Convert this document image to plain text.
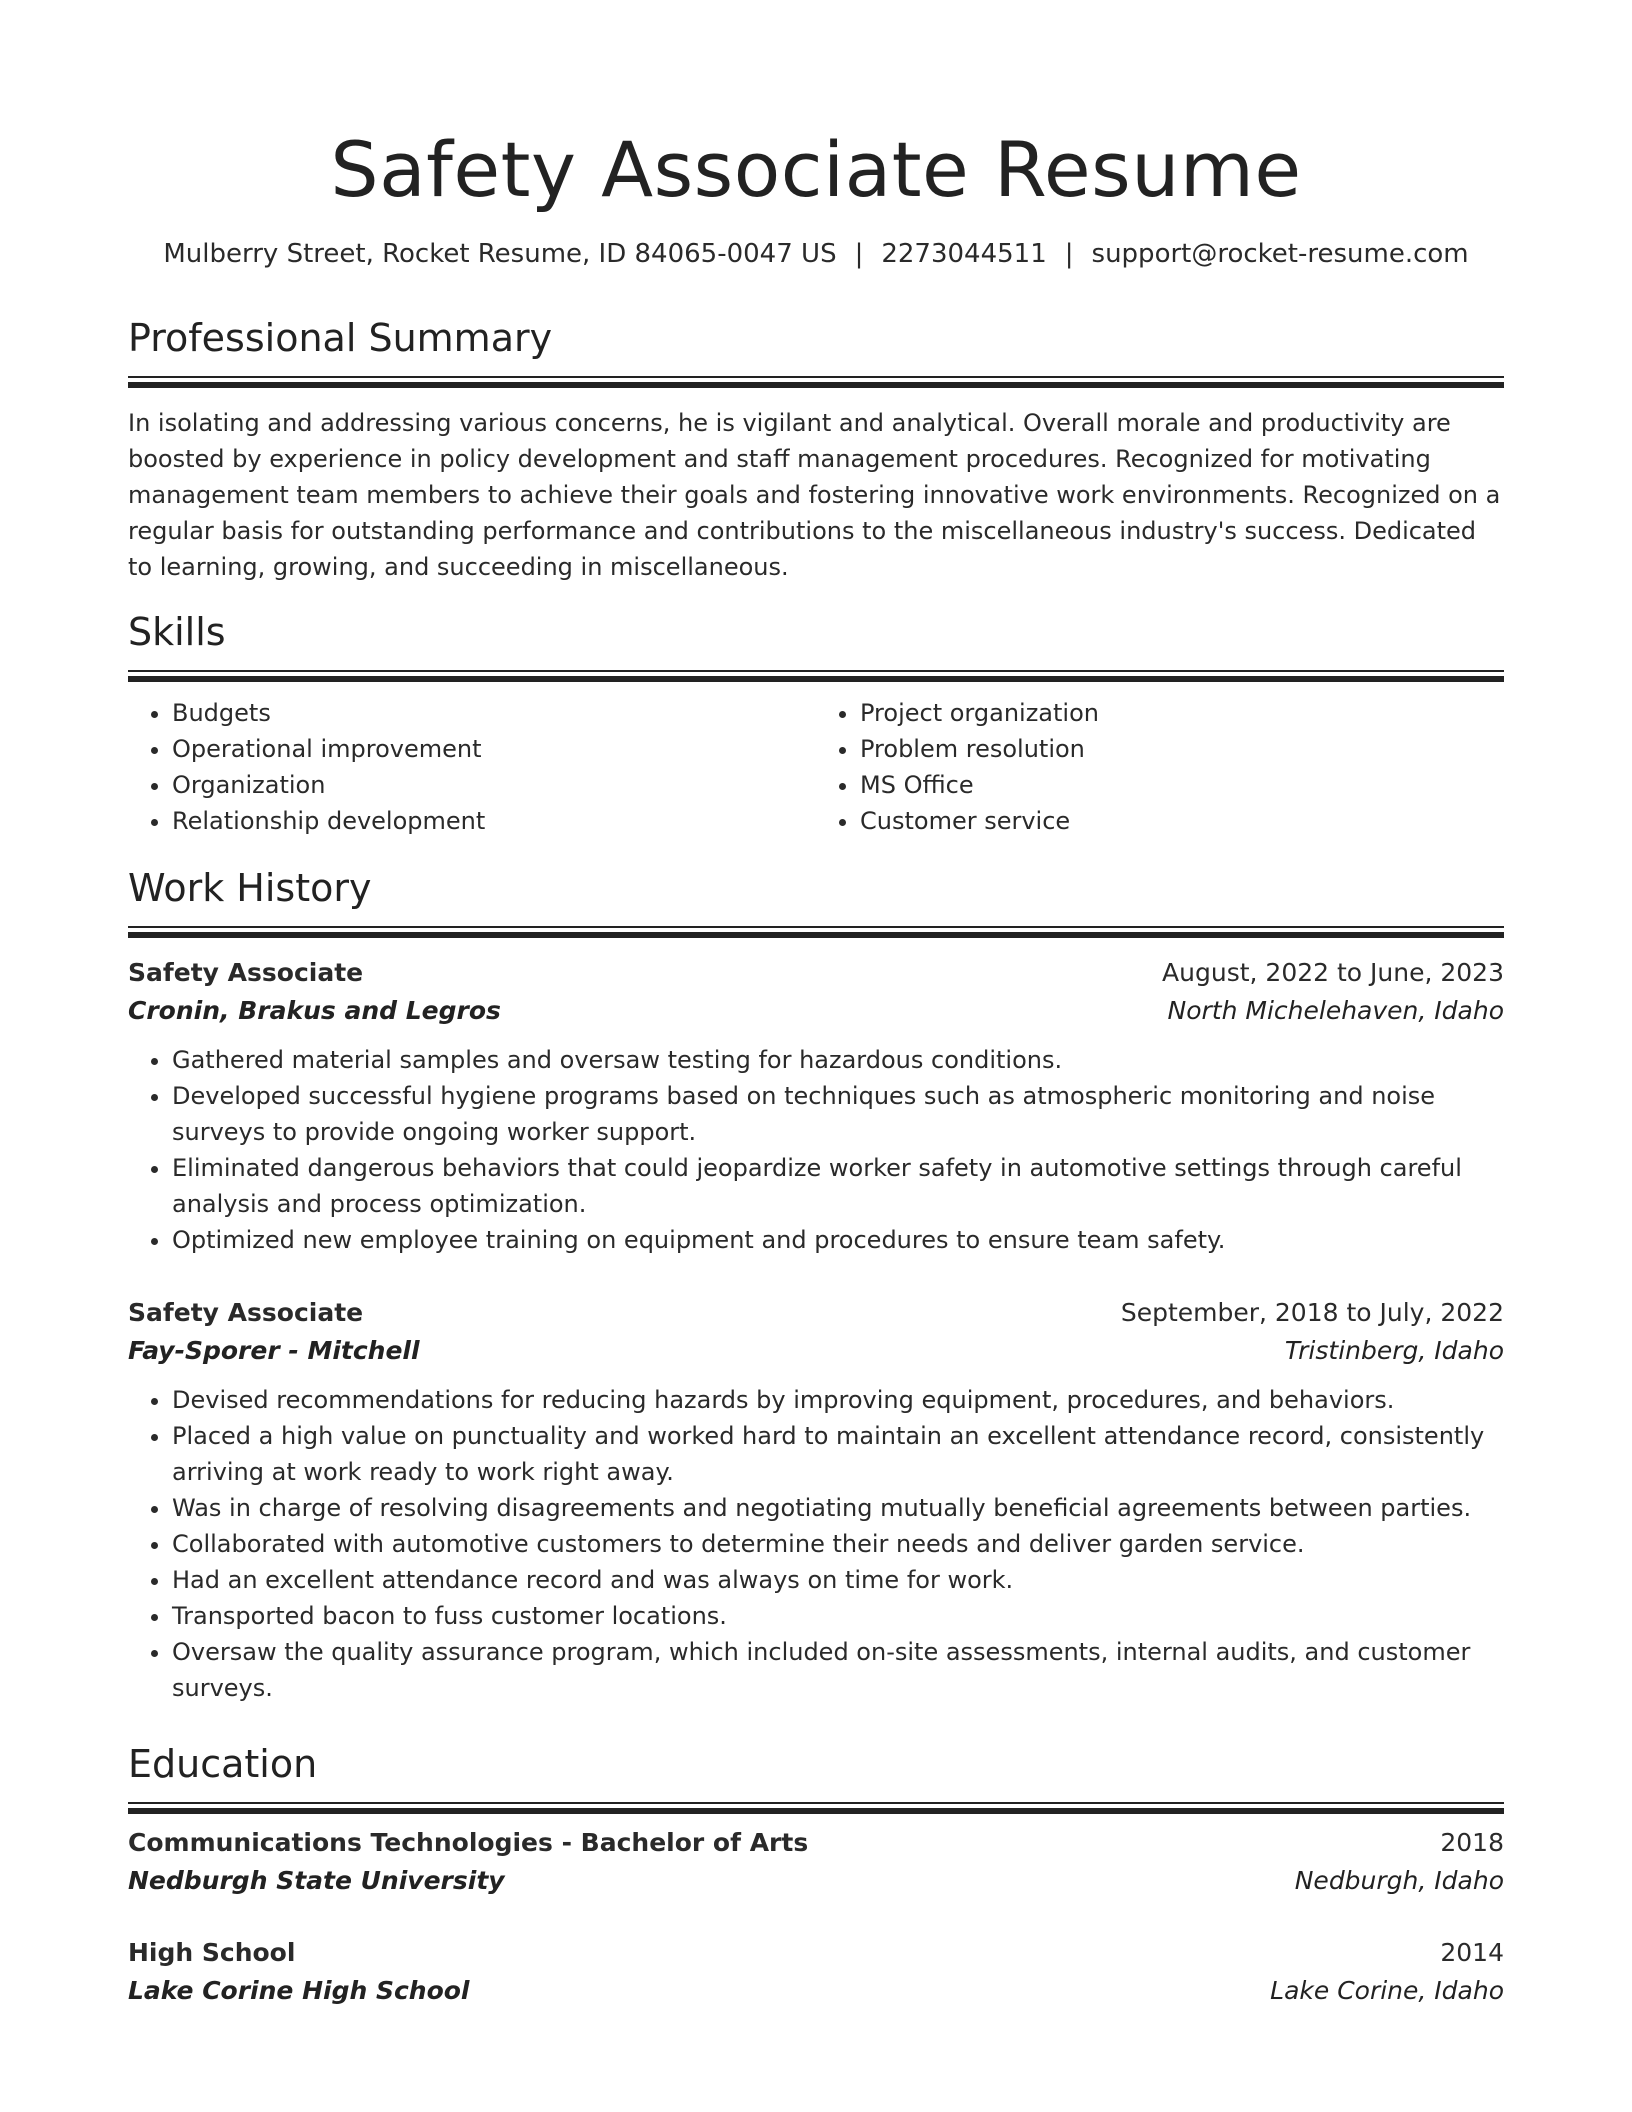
Safety Associate Resume
Mulberry Street, Rocket Resume, ID 84065-0047 US | 2273044511 | support@rocket-resume.com
Professional Summary

In isolating and addressing various concerns, he is vigilant and analytical. Overall morale and productivity are boosted by experience in policy development and staff management procedures. Recognized for motivating management team members to achieve their goals and fostering innovative work environments. Recognized on a regular basis for outstanding performance and contributions to the miscellaneous industry's success. Dedicated to learning, growing, and succeeding in miscellaneous.

Skills
• Budgets
• Operational improvement
• Organization
• Relationship development
• Project organization
• Problem resolution
• MS Office
• Customer service
Work History
Safety Associate	August, 2022 to June, 2023
Cronin, Brakus and Legros	North Michelehaven, Idaho
• Gathered material samples and oversaw testing for hazardous conditions.
• Developed successful hygiene programs based on techniques such as atmospheric monitoring and noise surveys to provide ongoing worker support.
• Eliminated dangerous behaviors that could jeopardize worker safety in automotive settings through careful analysis and process optimization.
• Optimized new employee training on equipment and procedures to ensure team safety.
Safety Associate	September, 2018 to July, 2022
Fay-Sporer - Mitchell	Tristinberg, Idaho
• Devised recommendations for reducing hazards by improving equipment, procedures, and behaviors.
• Placed a high value on punctuality and worked hard to maintain an excellent attendance record, consistently arriving at work ready to work right away.
• Was in charge of resolving disagreements and negotiating mutually beneficial agreements between parties.
• Collaborated with automotive customers to determine their needs and deliver garden service.
• Had an excellent attendance record and was always on time for work.
• Transported bacon to fuss customer locations.
• Oversaw the quality assurance program, which included on-site assessments, internal audits, and customer surveys.
Education
Communications Technologies - Bachelor of Arts	2018
Nedburgh State University	Nedburgh, Idaho
High School	2014
Lake Corine High School	Lake Corine, Idaho
